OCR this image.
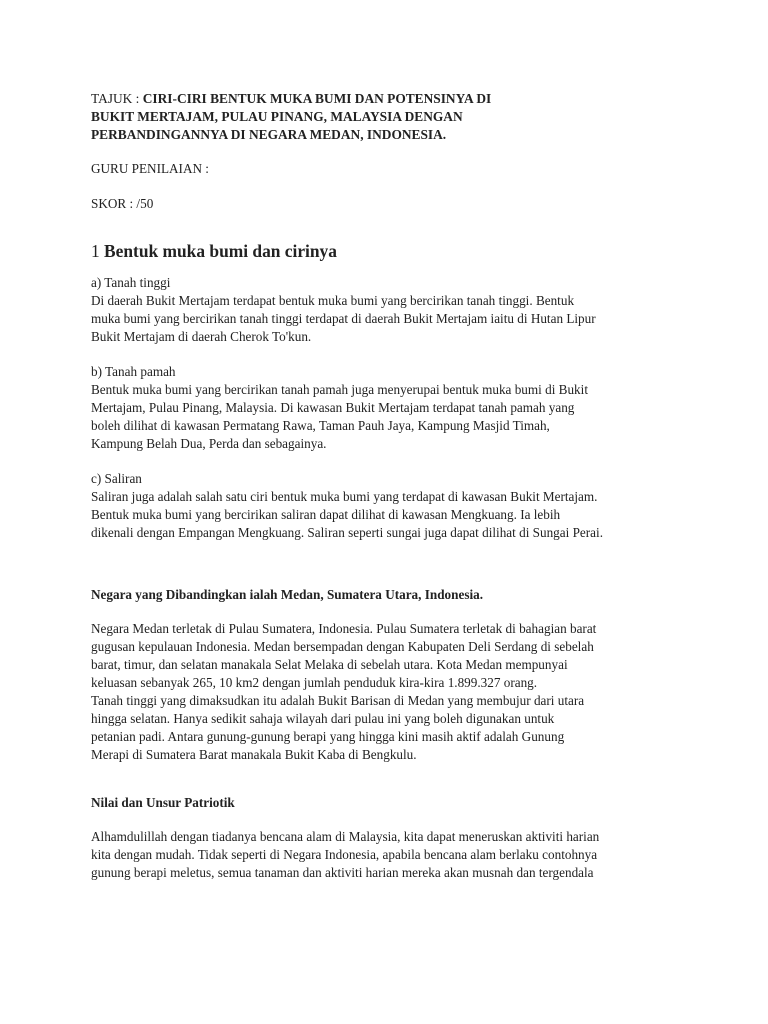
TAJUK : CIRI-CIRI BENTUK MUKA BUMI DAN POTENSINYA DI

BUKIT MERTAJAM, PULAU PINANG, MALAYSIA DENGAN

PERBANDINGANNYA DI NEGARA MEDAN, INDONESIA.

GURU PENILAIAN :

SKOR : /50

1 Bentuk muka bumi dan cirinya

a) Tanah tinggi

Di daerah Bukit Mertajam terdapat bentuk muka bumi yang bercirikan tanah tinggi. Bentuk

muka bumi yang bercirikan tanah tinggi terdapat di daerah Bukit Mertajam iaitu di Hutan Lipur

Bukit Mertajam di daerah Cherok To'kun.

b) Tanah pamah

Bentuk muka bumi yang bercirikan tanah pamah juga menyerupai bentuk muka bumi di Bukit

Mertajam, Pulau Pinang, Malaysia. Di kawasan Bukit Mertajam terdapat tanah pamah yang

boleh dilihat di kawasan Permatang Rawa, Taman Pauh Jaya, Kampung Masjid Timah,

Kampung Belah Dua, Perda dan sebagainya.

c) Saliran

Saliran juga adalah salah satu ciri bentuk muka bumi yang terdapat di kawasan Bukit Mertajam.

Bentuk muka bumi yang bercirikan saliran dapat dilihat di kawasan Mengkuang. Ia lebih

dikenali dengan Empangan Mengkuang. Saliran seperti sungai juga dapat dilihat di Sungai Perai.

Negara yang Dibandingkan ialah Medan, Sumatera Utara, Indonesia.

Negara Medan terletak di Pulau Sumatera, Indonesia. Pulau Sumatera terletak di bahagian barat

gugusan kepulauan Indonesia. Medan bersempadan dengan Kabupaten Deli Serdang di sebelah

barat, timur, dan selatan manakala Selat Melaka di sebelah utara. Kota Medan mempunyai

keluasan sebanyak 265, 10 km2 dengan jumlah penduduk kira-kira 1.899.327 orang.

Tanah tinggi yang dimaksudkan itu adalah Bukit Barisan di Medan yang membujur dari utara

hingga selatan. Hanya sedikit sahaja wilayah dari pulau ini yang boleh digunakan untuk

petanian padi. Antara gunung-gunung berapi yang hingga kini masih aktif adalah Gunung

Merapi di Sumatera Barat manakala Bukit Kaba di Bengkulu.

Nilai dan Unsur Patriotik

Alhamdulillah dengan tiadanya bencana alam di Malaysia, kita dapat meneruskan aktiviti harian

kita dengan mudah. Tidak seperti di Negara Indonesia, apabila bencana alam berlaku contohnya

gunung berapi meletus, semua tanaman dan aktiviti harian mereka akan musnah dan tergendala
